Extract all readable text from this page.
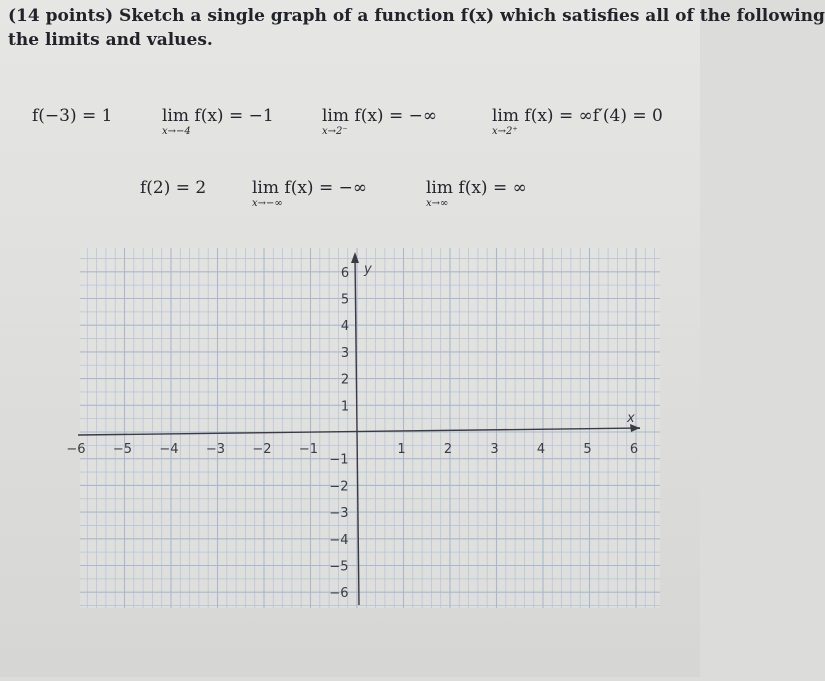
(14 points) Sketch a single graph of a function f(x) which satisfies all of the following
the limits and values.
f(−3) = 1	lim f(x) = −1
x→−4
lim f(x) = −∞
x→2⁻
lim f(x) = ∞f′(4) = 0
x→2⁺
f(2) = 2	lim f(x) = −∞
x→−∞
lim f(x) = ∞
x→∞
x
y
−6 −5 −4 −3 −2 −1	1	2	3	4	5	6
6
5
4
3
2
1
−1
−2
−3
−4
−5
−6
